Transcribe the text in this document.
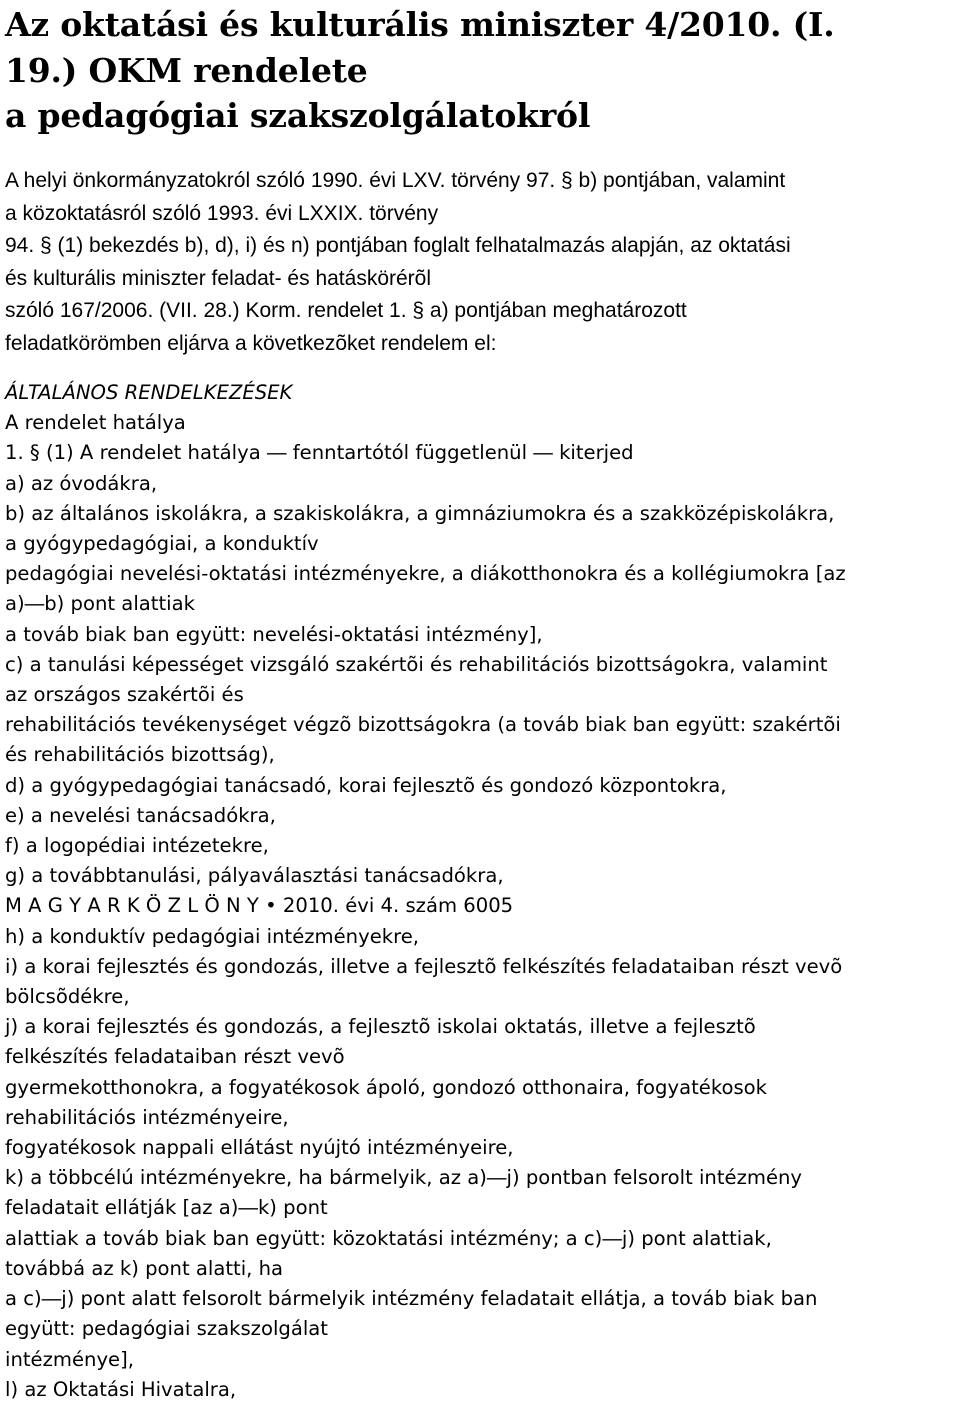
Az oktatási és kulturális miniszter 4/2010. (I.
19.) OKM rendelete
a pedagógiai szakszolgálatokról
A helyi önkormányzatokról szóló 1990. évi LXV. törvény 97. § b) pontjában, valamint
a közoktatásról szóló 1993. évi LXXIX. törvény
94. § (1) bekezdés b), d), i) és n) pontjában foglalt felhatalmazás alapján, az oktatási
és kulturális miniszter feladat- és hatáskörérõl
szóló 167/2006. (VII. 28.) Korm. rendelet 1. § a) pontjában meghatározott
feladatkörömben eljárva a következõket rendelem el:
ÁLTALÁNOS RENDELKEZÉSEK
A rendelet hatálya
1. § (1) A rendelet hatálya ― fenntartótól függetlenül ― kiterjed
a) az óvodákra,
b) az általános iskolákra, a szakiskolákra, a gimnáziumokra és a szakközépiskolákra,
a gyógypedagógiai, a konduktív
pedagógiai nevelési-oktatási intézményekre, a diákotthonokra és a kollégiumokra [az
a)―b) pont alattiak
a továb biak ban együtt: nevelési-oktatási intézmény],
c) a tanulási képességet vizsgáló szakértõi és rehabilitációs bizottságokra, valamint
az országos szakértõi és
rehabilitációs tevékenységet végzõ bizottságokra (a továb biak ban együtt: szakértõi
és rehabilitációs bizottság),
d) a gyógypedagógiai tanácsadó, korai fejlesztõ és gondozó központokra,
e) a nevelési tanácsadókra,
f) a logopédiai intézetekre,
g) a továbbtanulási, pályaválasztási tanácsadókra,
M A G Y A R K Ö Z L Ö N Y • 2010. évi 4. szám 6005
h) a konduktív pedagógiai intézményekre,
i) a korai fejlesztés és gondozás, illetve a fejlesztõ felkészítés feladataiban részt vevõ
bölcsõdékre,
j) a korai fejlesztés és gondozás, a fejlesztõ iskolai oktatás, illetve a fejlesztõ
felkészítés feladataiban részt vevõ
gyermekotthonokra, a fogyatékosok ápoló, gondozó otthonaira, fogyatékosok
rehabilitációs intézményeire,
fogyatékosok nappali ellátást nyújtó intézményeire,
k) a többcélú intézményekre, ha bármelyik, az a)―j) pontban felsorolt intézmény
feladatait ellátják [az a)―k) pont
alattiak a továb biak ban együtt: közoktatási intézmény; a c)―j) pont alattiak,
továbbá az k) pont alatti, ha
a c)―j) pont alatt felsorolt bármelyik intézmény feladatait ellátja, a továb biak ban
együtt: pedagógiai szakszolgálat
intézménye],
l) az Oktatási Hivatalra,
